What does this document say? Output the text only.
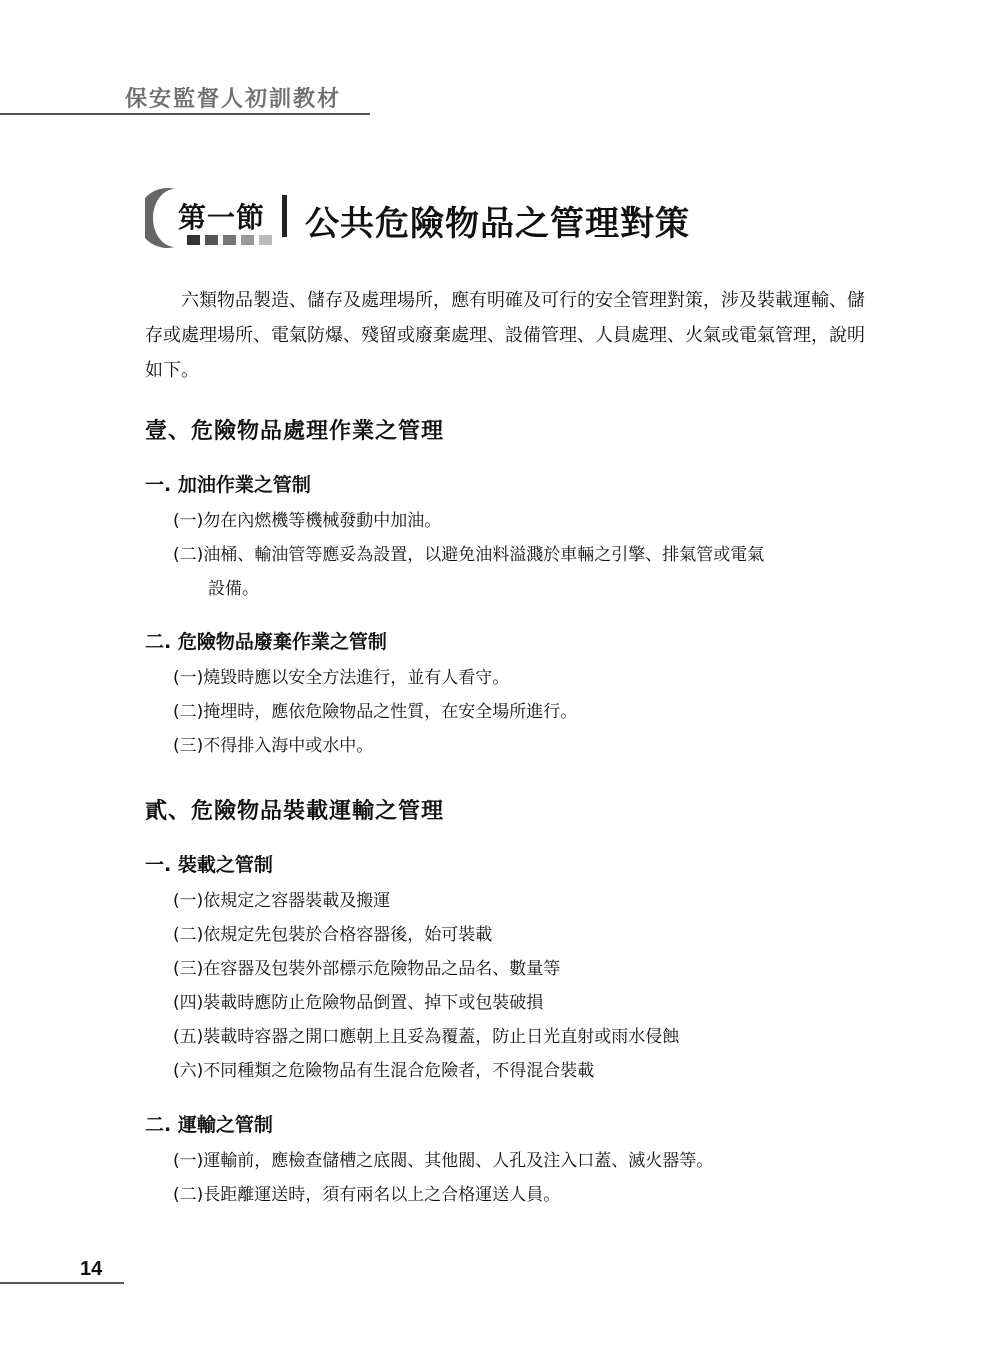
保安監督人初訓教材
第一節 公共危險物品之管理對策

六類物品製造、儲存及處理場所，應有明確及可行的安全管理對策，涉及裝載運輸、儲存或處理場所、電氣防爆、殘留或廢棄處理、設備管理、人員處理、火氣或電氣管理，說明如下。

壹、危險物品處理作業之管理
一. 加油作業之管制
(一)勿在內燃機等機械發動中加油。
(二)油桶、輸油管等應妥為設置，以避免油料溢濺於車輛之引擎、排氣管或電氣
設備。
二. 危險物品廢棄作業之管制
(一)燒毀時應以安全方法進行，並有人看守。
(二)掩埋時，應依危險物品之性質，在安全場所進行。
(三)不得排入海中或水中。
貳、危險物品裝載運輸之管理
一. 裝載之管制
(一)依規定之容器裝載及搬運
(二)依規定先包裝於合格容器後，始可裝載
(三)在容器及包裝外部標示危險物品之品名、數量等
(四)裝載時應防止危險物品倒置、掉下或包裝破損
(五)裝載時容器之開口應朝上且妥為覆蓋，防止日光直射或雨水侵蝕
(六)不同種類之危險物品有生混合危險者，不得混合裝載
二. 運輸之管制
(一)運輸前，應檢查儲槽之底閥、其他閥、人孔及注入口蓋、滅火器等。
(二)長距離運送時，須有兩名以上之合格運送人員。
14
